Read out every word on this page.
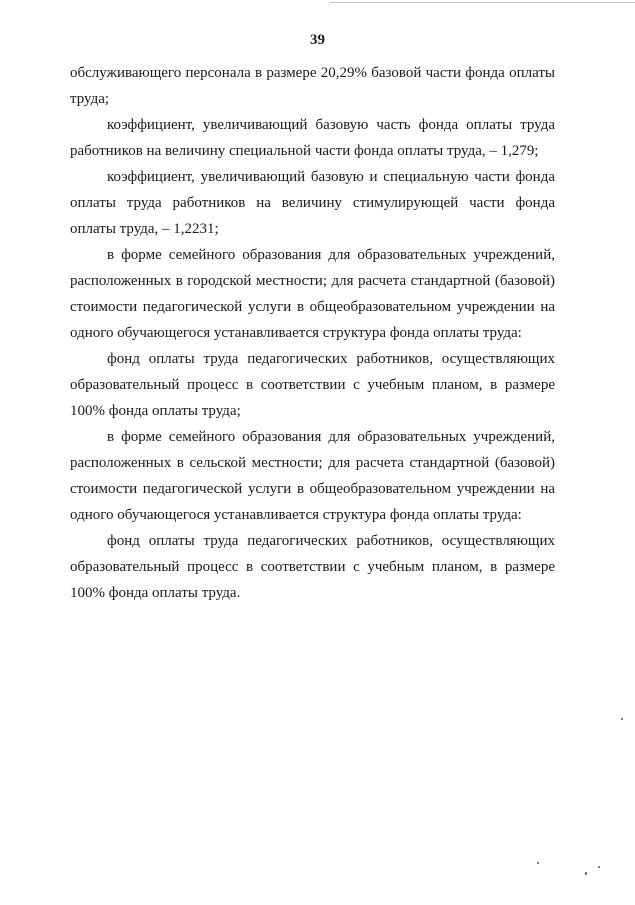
39
обслуживающего персонала в размере 20,29% базовой части фонда оплаты
труда;
коэффициент, увеличивающий базовую часть фонда оплаты труда
работников на величину специальной части фонда оплаты труда, – 1,279;
коэффициент, увеличивающий базовую и специальную части фонда
оплаты труда работников на величину стимулирующей части фонда
оплаты труда, – 1,2231;
в форме семейного образования для образовательных учреждений,
расположенных в городской местности; для расчета стандартной (базовой)
стоимости педагогической услуги в общеобразовательном учреждении на
одного обучающегося устанавливается структура фонда оплаты труда:
фонд оплаты труда педагогических работников, осуществляющих
образовательный процесс в соответствии с учебным планом, в размере
100% фонда оплаты труда;
в форме семейного образования для образовательных учреждений,
расположенных в сельской местности; для расчета стандартной (базовой)
стоимости педагогической услуги в общеобразовательном учреждении на
одного обучающегося устанавливается структура фонда оплаты труда:
фонд оплаты труда педагогических работников, осуществляющих
образовательный процесс в соответствии с учебным планом, в размере
100% фонда оплаты труда.
